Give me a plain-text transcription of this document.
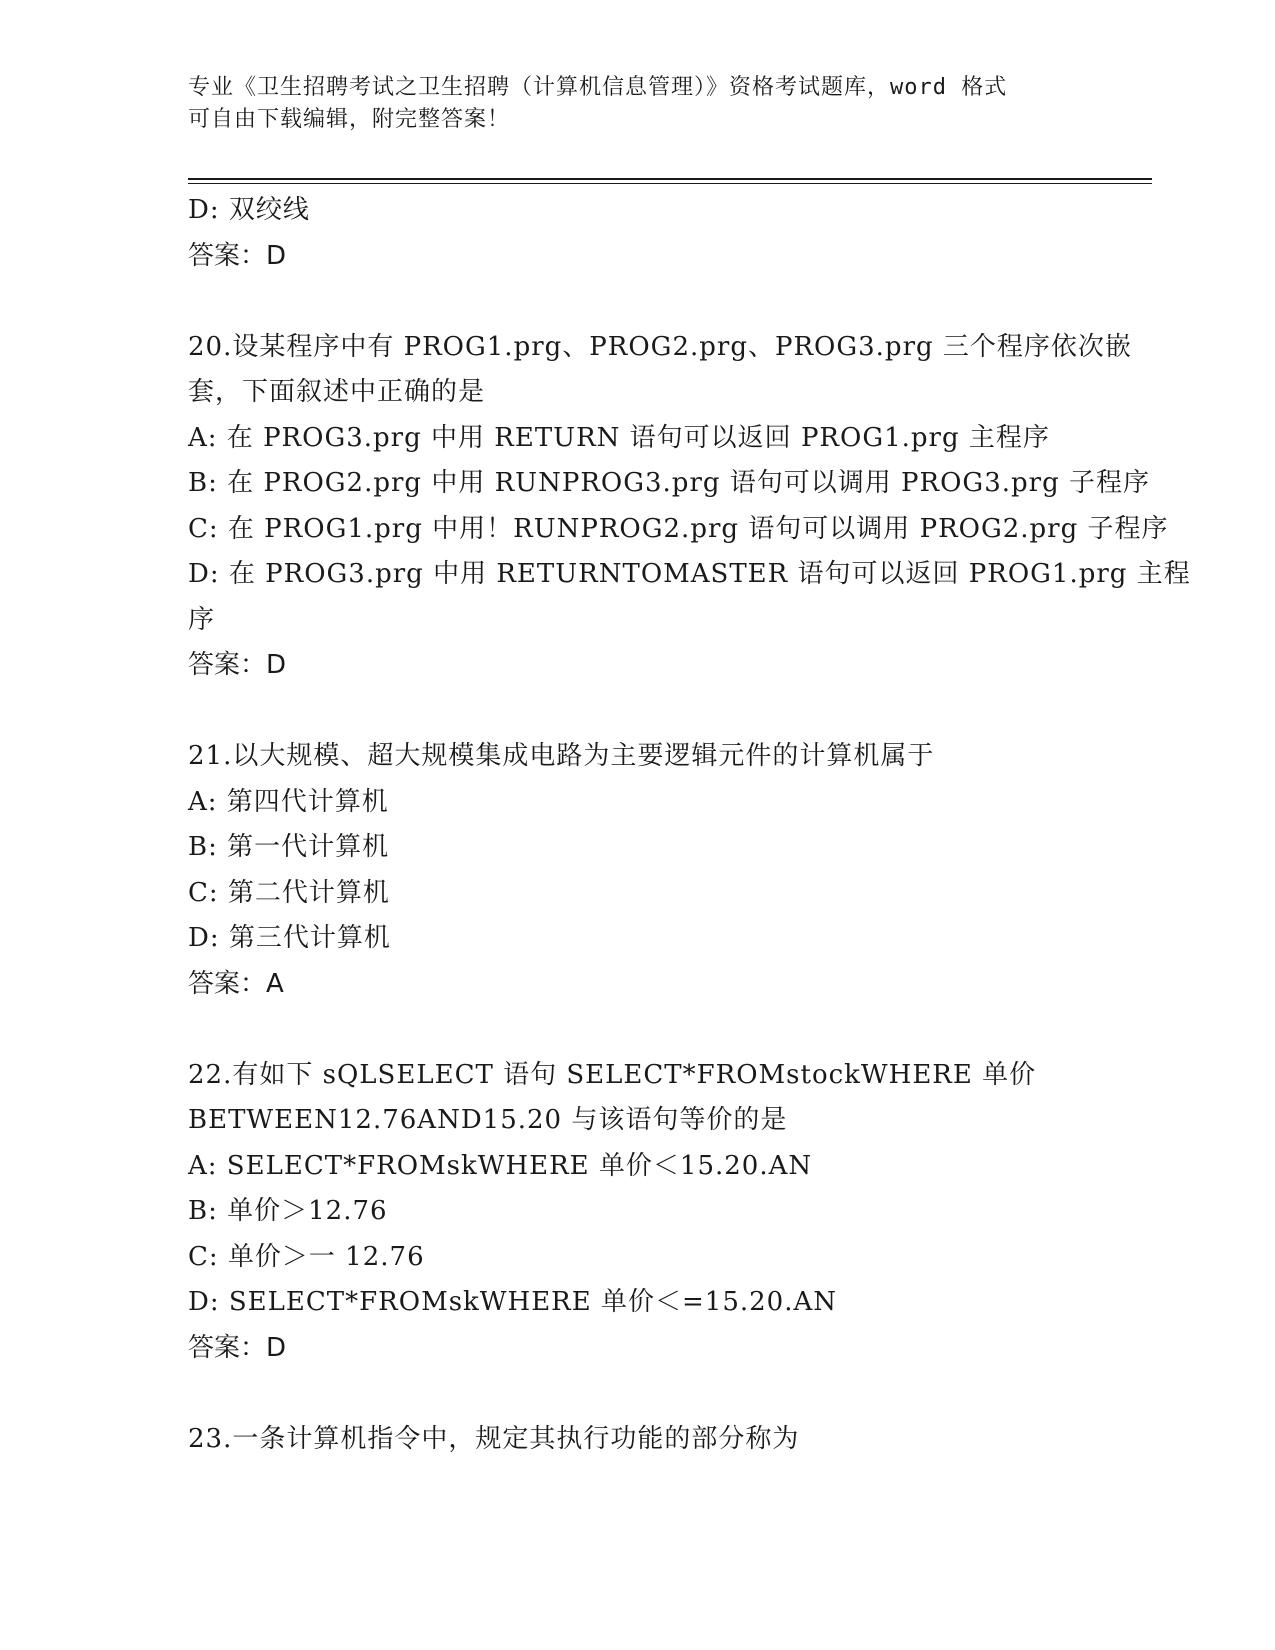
专业《卫生招聘考试之卫生招聘（计算机信息管理）》资格考试题库，word 格式
可自由下载编辑，附完整答案！
D: 双绞线
答案：D
20.设某程序中有 PROG1.prg、PROG2.prg、PROG3.prg 三个程序依次嵌
套，下面叙述中正确的是
A: 在 PROG3.prg 中用 RETURN 语句可以返回 PROG1.prg 主程序
B: 在 PROG2.prg 中用 RUNPROG3.prg 语句可以调用 PROG3.prg 子程序
C: 在 PROG1.prg 中用！RUNPROG2.prg 语句可以调用 PROG2.prg 子程序
D: 在 PROG3.prg 中用 RETURNTOMASTER 语句可以返回 PROG1.prg 主程
序
答案：D
21.以大规模、超大规模集成电路为主要逻辑元件的计算机属于
A: 第四代计算机
B: 第一代计算机
C: 第二代计算机
D: 第三代计算机
答案：A
22.有如下 sQLSELECT 语句 SELECT*FROMstockWHERE 单价
BETWEEN12.76AND15.20 与该语句等价的是
A: SELECT*FROMskWHERE 单价＜15.20.AN
B: 单价＞12.76
C: 单价＞一 12.76
D: SELECT*FROMskWHERE 单价＜=15.20.AN
答案：D
23.一条计算机指令中，规定其执行功能的部分称为
